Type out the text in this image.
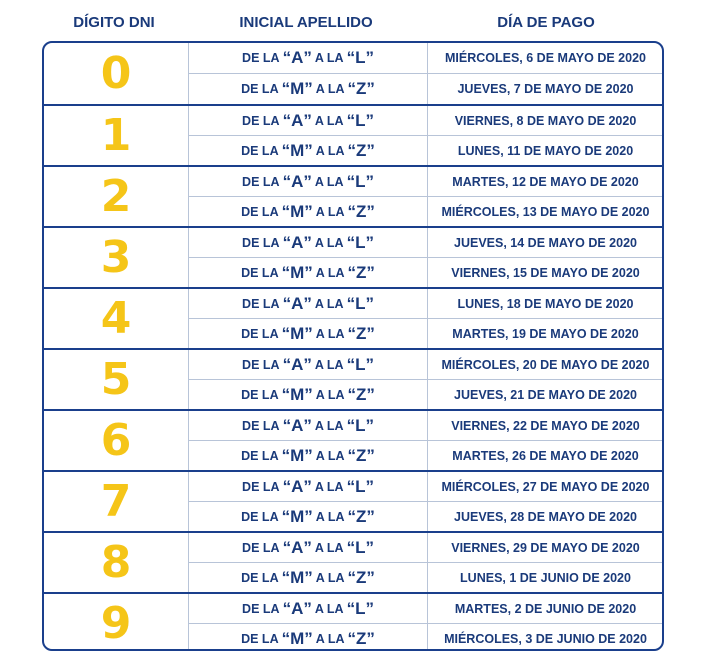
DÍGITO DNI	INICIAL APELLIDO	DÍA DE PAGO
0	DE LA “A” A LA “L”	MIÉRCOLES, 6 DE MAYO DE 2020
DE LA “M” A LA “Z”	JUEVES, 7 DE MAYO DE 2020
1	DE LA “A” A LA “L”	VIERNES, 8 DE MAYO DE 2020
DE LA “M” A LA “Z”	LUNES, 11 DE MAYO DE 2020
2	DE LA “A” A LA “L”	MARTES, 12 DE MAYO DE 2020
DE LA “M” A LA “Z”	MIÉRCOLES, 13 DE MAYO DE 2020
3	DE LA “A” A LA “L”	JUEVES, 14 DE MAYO DE 2020
DE LA “M” A LA “Z”	VIERNES, 15 DE MAYO DE 2020
4	DE LA “A” A LA “L”	LUNES, 18 DE MAYO DE 2020
DE LA “M” A LA “Z”	MARTES, 19 DE MAYO DE 2020
5	DE LA “A” A LA “L”	MIÉRCOLES, 20 DE MAYO DE 2020
DE LA “M” A LA “Z”	JUEVES, 21 DE MAYO DE 2020
6	DE LA “A” A LA “L”	VIERNES, 22 DE MAYO DE 2020
DE LA “M” A LA “Z”	MARTES, 26 DE MAYO DE 2020
7	DE LA “A” A LA “L”	MIÉRCOLES, 27 DE MAYO DE 2020
DE LA “M” A LA “Z”	JUEVES, 28 DE MAYO DE 2020
8	DE LA “A” A LA “L”	VIERNES, 29 DE MAYO DE 2020
DE LA “M” A LA “Z”	LUNES, 1 DE JUNIO DE 2020
9	DE LA “A” A LA “L”	MARTES, 2 DE JUNIO DE 2020
DE LA “M” A LA “Z”	MIÉRCOLES, 3 DE JUNIO DE 2020
